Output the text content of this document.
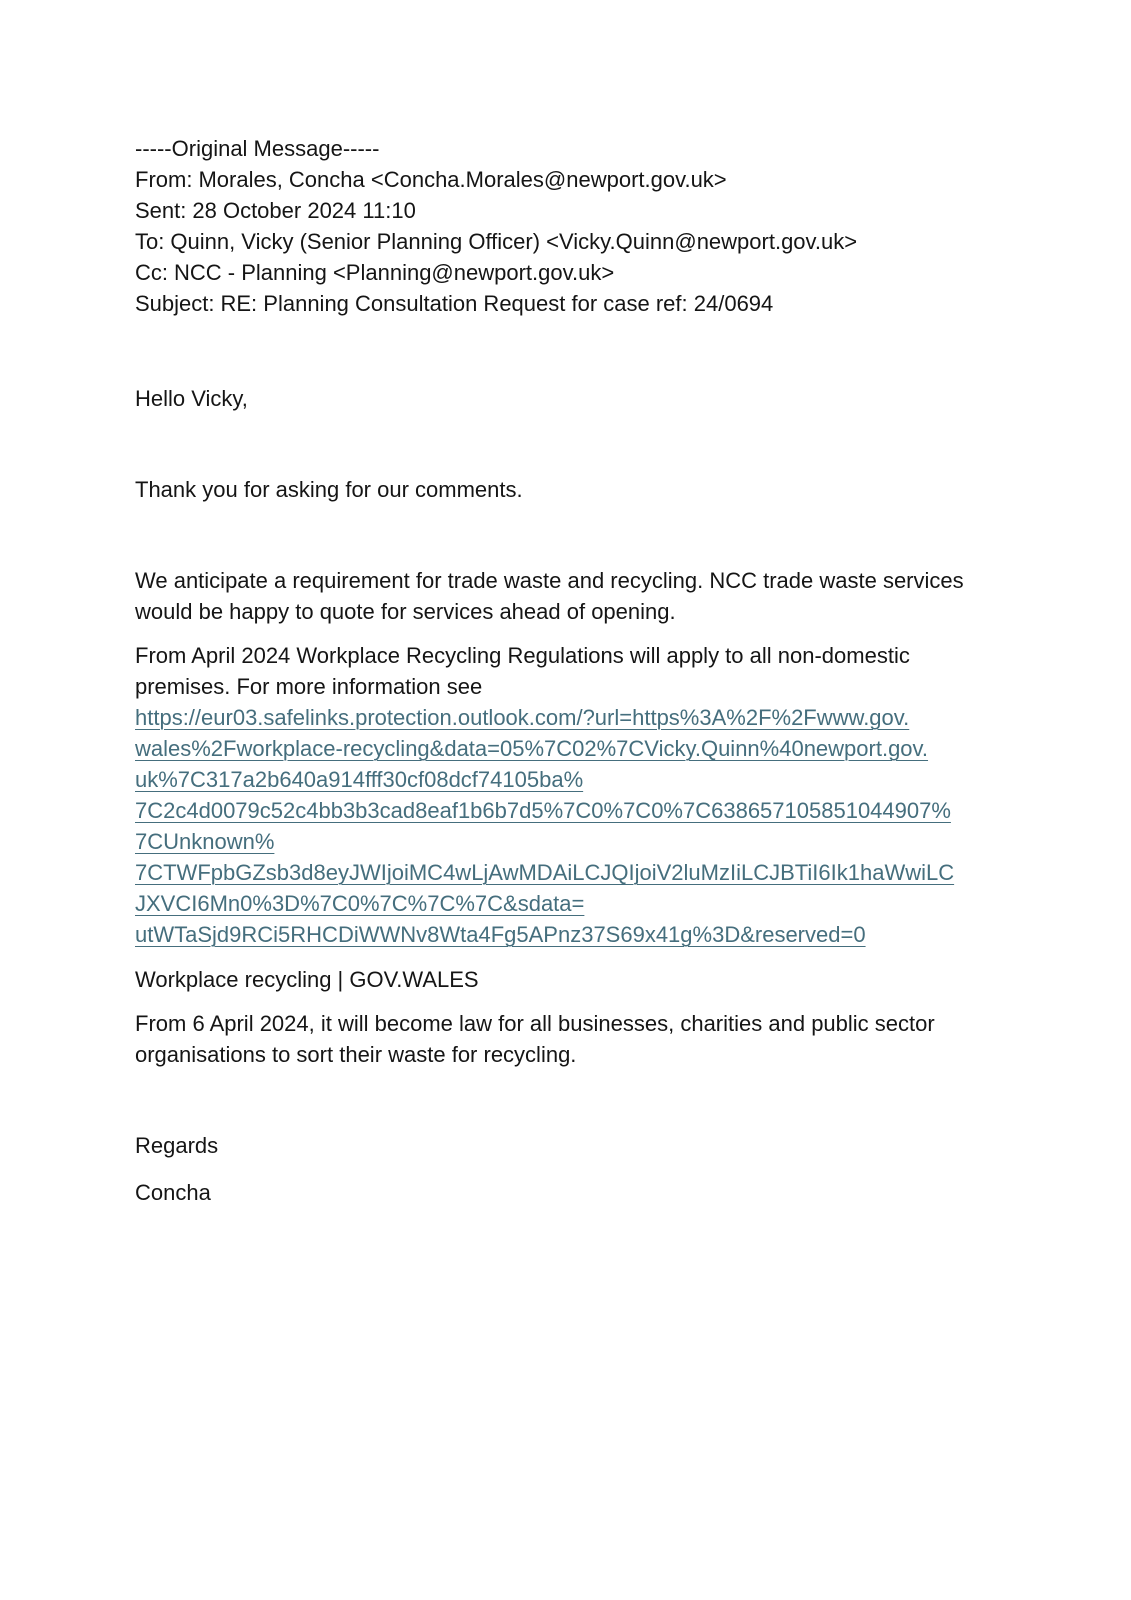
-----Original Message-----
From: Morales, Concha <Concha.Morales@newport.gov.uk>
Sent: 28 October 2024 11:10
To: Quinn, Vicky (Senior Planning Officer) <Vicky.Quinn@newport.gov.uk>
Cc: NCC - Planning <Planning@newport.gov.uk>
Subject: RE: Planning Consultation Request for case ref: 24/0694

Hello Vicky,

Thank you for asking for our comments.

We anticipate a requirement for trade waste and recycling. NCC trade waste services would be happy to quote for services ahead of opening.

From April 2024 Workplace Recycling Regulations will apply to all non-domestic premises. For more information see
https://eur03.safelinks.protection.outlook.com/?url=https%3A%2F%2Fwww.gov.
wales%2Fworkplace-recycling&data=05%7C02%7CVicky.Quinn%40newport.gov.
uk%7C317a2b640a914fff30cf08dcf74105ba%
7C2c4d0079c52c4bb3b3cad8eaf1b6b7d5%7C0%7C0%7C638657105851044907%
7CUnknown%
7CTWFpbGZsb3d8eyJWIjoiMC4wLjAwMDAiLCJQIjoiV2luMzIiLCJBTiI6Ik1haWwiLC
JXVCI6Mn0%3D%7C0%7C%7C%7C&sdata=
utWTaSjd9RCi5RHCDiWWNv8Wta4Fg5APnz37S69x41g%3D&reserved=0

Workplace recycling | GOV.WALES

From 6 April 2024, it will become law for all businesses, charities and public sector organisations to sort their waste for recycling.

Regards

Concha
